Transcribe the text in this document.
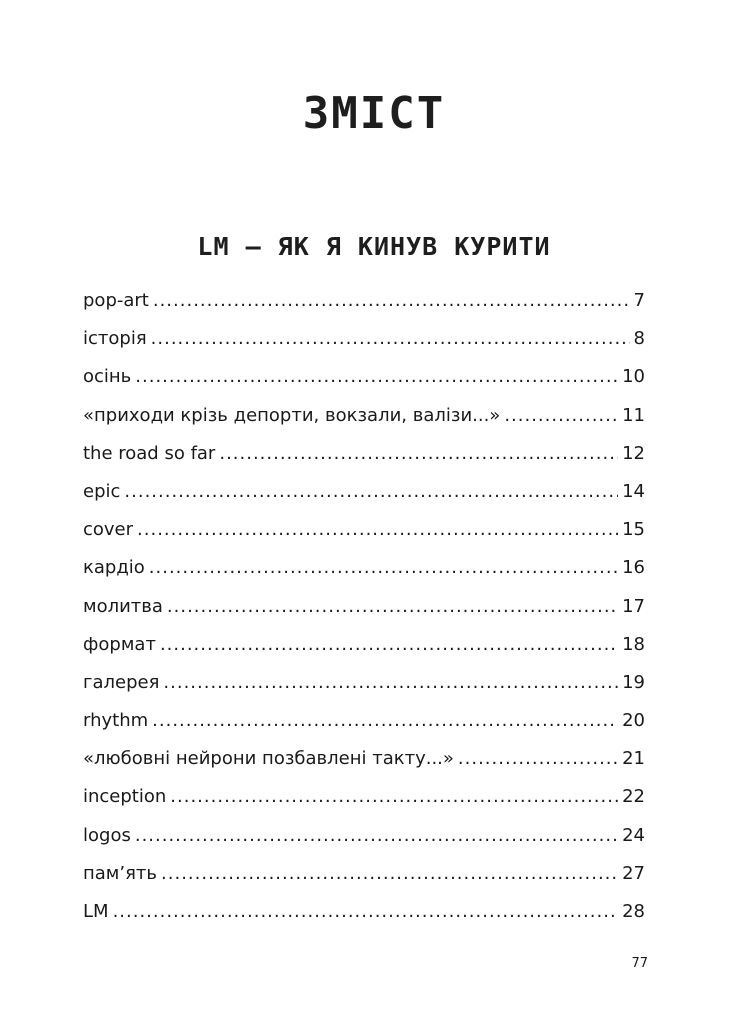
ЗМІСТ
LM – ЯК Я КИНУВ КУРИТИ
pop-art .....	7
історія .....	8
осінь .....	10
«приходи крізь депорти, вокзали, валізи...» .....	11
the road so far .....	12
epic .....	14
cover .....	15
кардіо .....	16
молитва .....	17
формат .....	18
галерея .....	19
rhythm .....	20
«любовні нейрони позбавлені такту...» .....	21
inception .....	22
logos .....	24
пам’ять .....	27
LM .....	28
77
